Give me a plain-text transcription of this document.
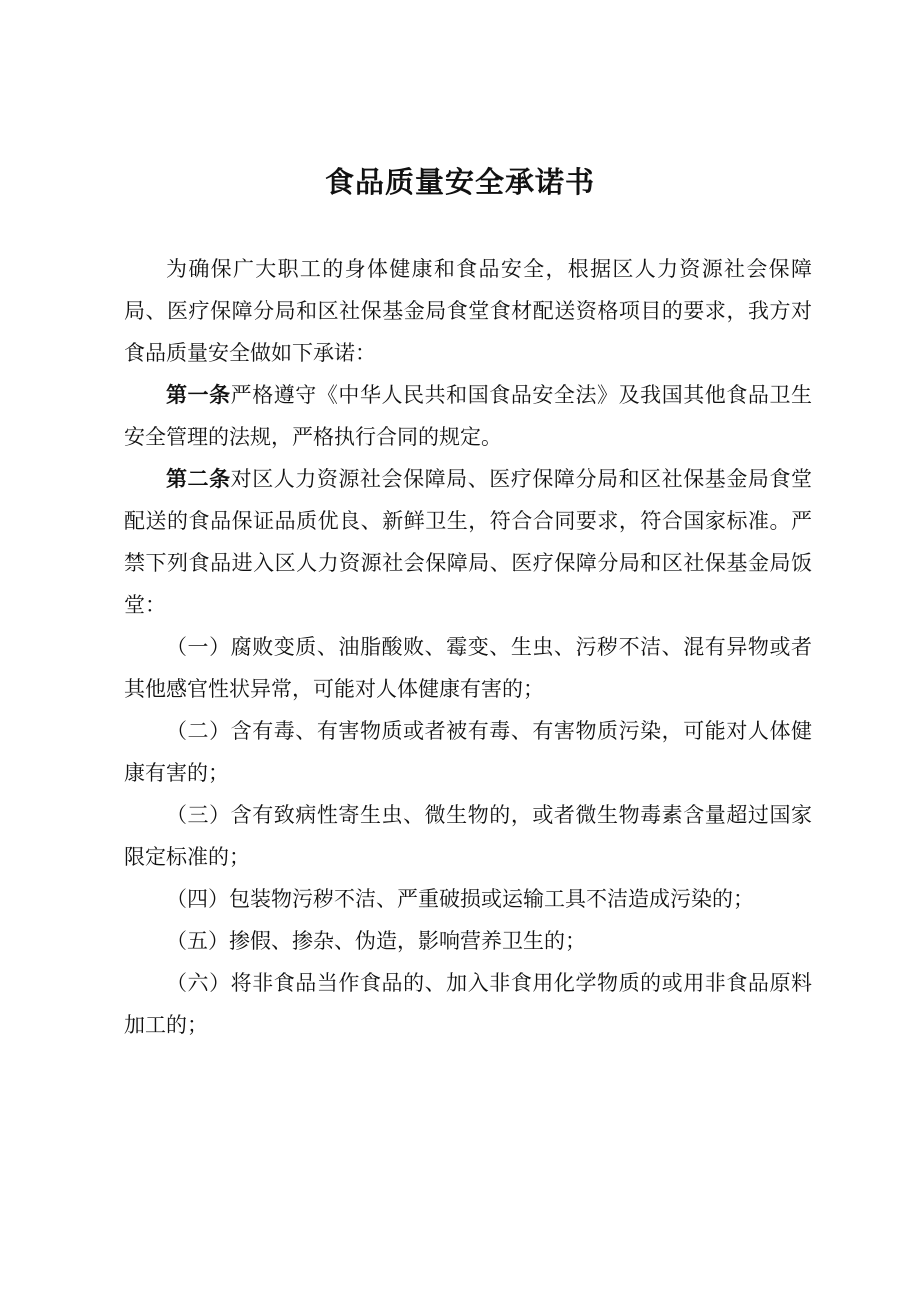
食品质量安全承诺书

为确保广大职工的身体健康和食品安全，根据区人力资源社会保障局、医疗保障分局和区社保基金局食堂食材配送资格项目的要求，我方对食品质量安全做如下承诺：

第一条严格遵守《中华人民共和国食品安全法》及我国其他食品卫生安全管理的法规，严格执行合同的规定。

第二条对区人力资源社会保障局、医疗保障分局和区社保基金局食堂配送的食品保证品质优良、新鲜卫生，符合合同要求，符合国家标准。严禁下列食品进入区人力资源社会保障局、医疗保障分局和区社保基金局饭堂：

（一）腐败变质、油脂酸败、霉变、生虫、污秽不洁、混有异物或者其他感官性状异常，可能对人体健康有害的；

（二）含有毒、有害物质或者被有毒、有害物质污染，可能对人体健康有害的；

（三）含有致病性寄生虫、微生物的，或者微生物毒素含量超过国家限定标准的；

（四）包装物污秽不洁、严重破损或运输工具不洁造成污染的；

（五）掺假、掺杂、伪造，影响营养卫生的；

（六）将非食品当作食品的、加入非食用化学物质的或用非食品原料加工的；
